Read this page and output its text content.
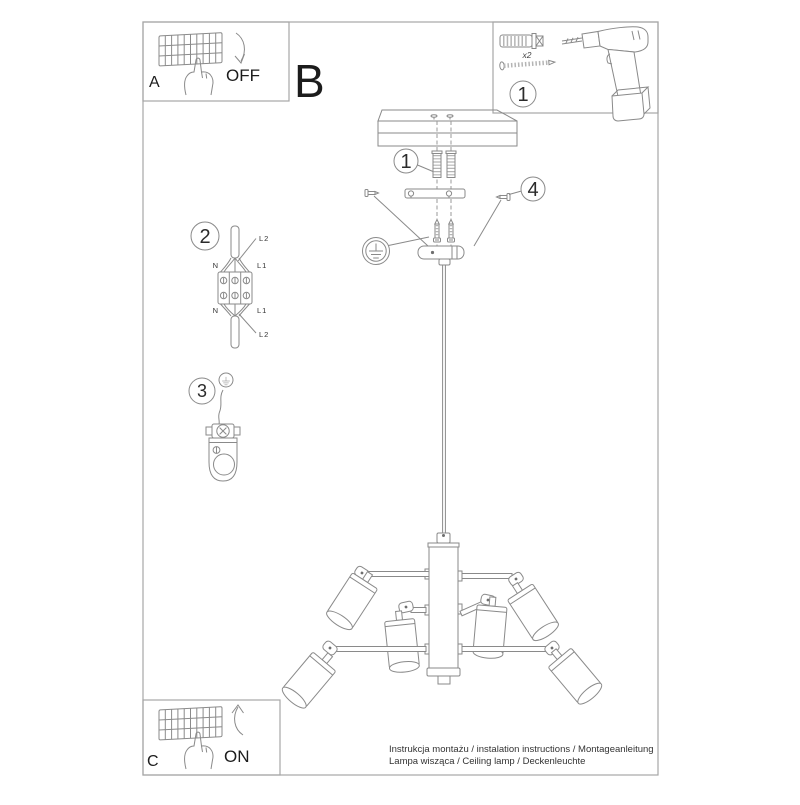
A	OFF B	x2
1
1
4
2	L2
N	L1
N	L1
L2
3
C	ON	Instrukcja montażu / instalation instructions / Montageanleitung
Lampa wisząca / Ceiling lamp / Deckenleuchte
